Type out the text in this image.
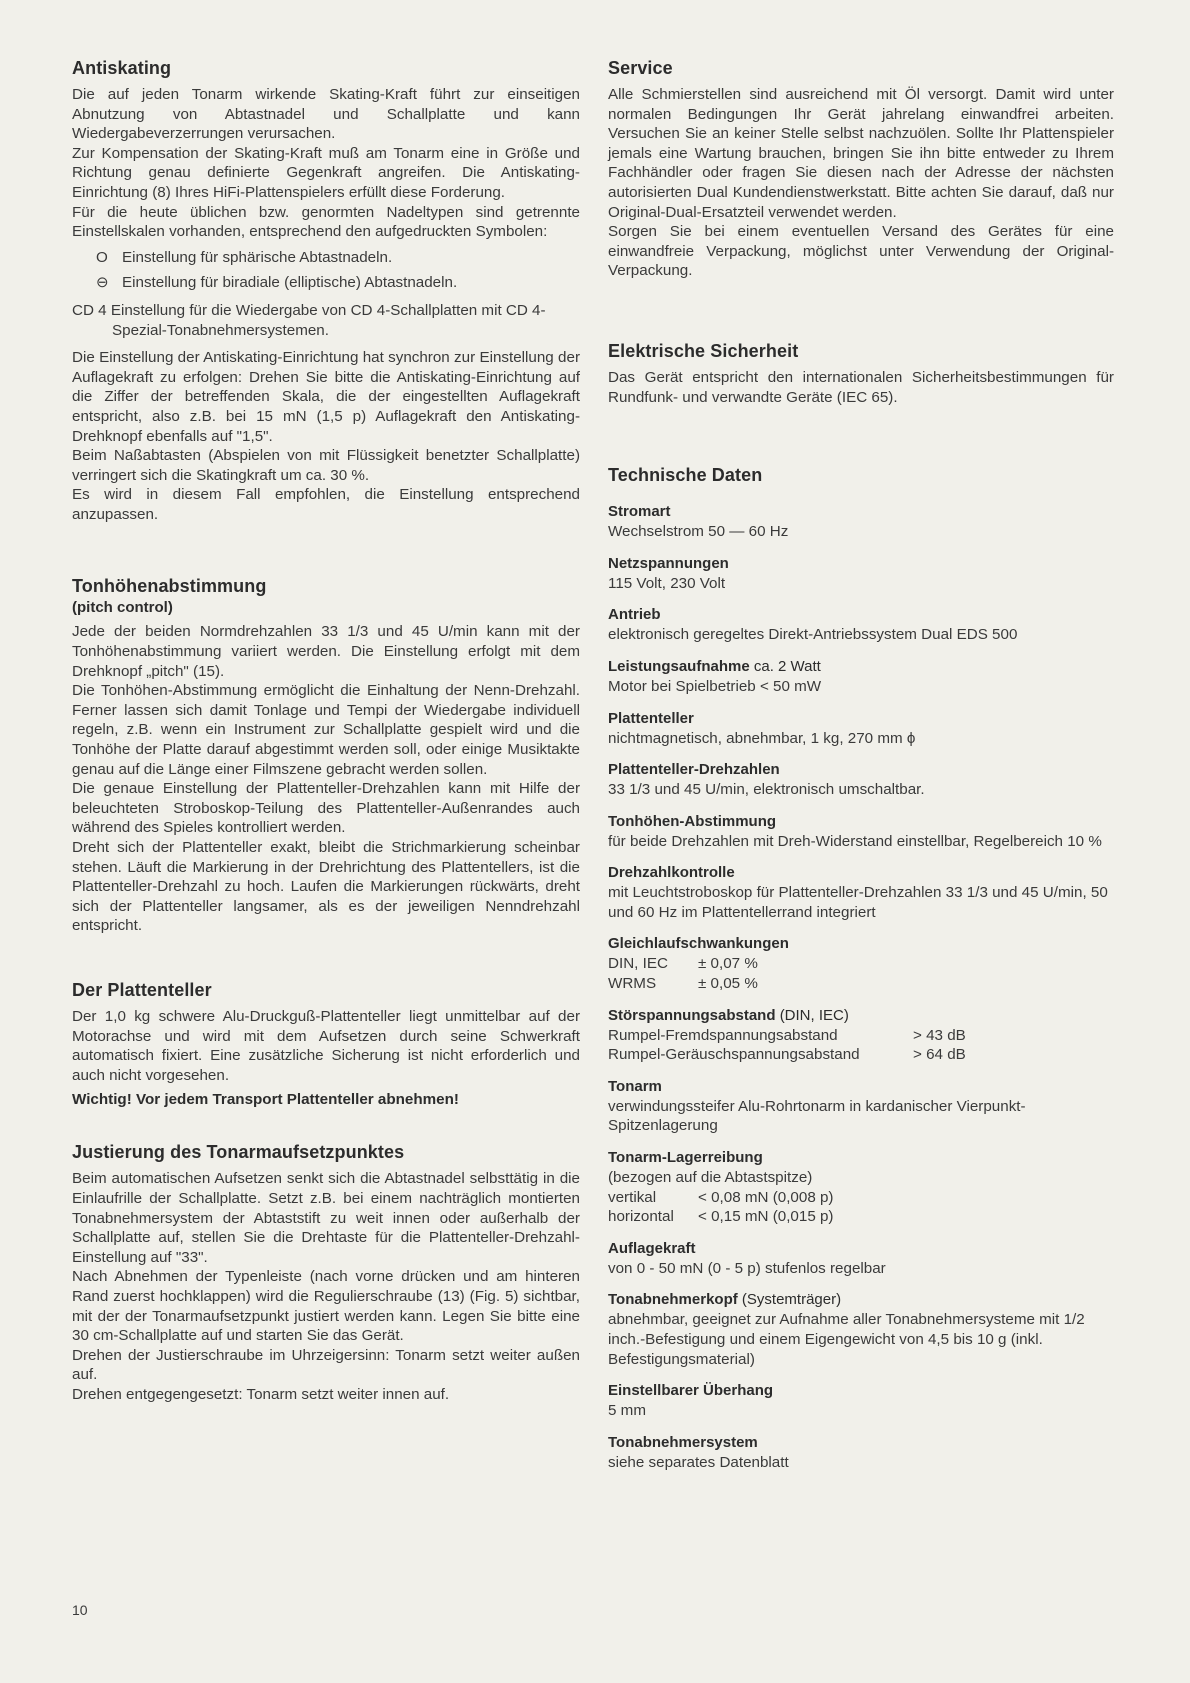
Antiskating

Die auf jeden Tonarm wirkende Skating-Kraft führt zur einseitigen Abnutzung von Abtastnadel und Schallplatte und kann Wiedergabeverzerrungen verursachen.

Zur Kompensation der Skating-Kraft muß am Tonarm eine in Größe und Richtung genau definierte Gegenkraft angreifen. Die Antiskating-Einrichtung (8) Ihres HiFi-Plattenspielers erfüllt diese Forderung.

Für die heute üblichen bzw. genormten Nadeltypen sind getrennte Einstellskalen vorhanden, entsprechend den aufgedruckten Symbolen:

O Einstellung für sphärische Abtastnadeln.
⊖ Einstellung für biradiale (elliptische) Abtastnadeln.
CD 4 Einstellung für die Wiedergabe von CD 4-Schallplatten mit CD 4-Spezial-Tonabnehmersystemen.

Die Einstellung der Antiskating-Einrichtung hat synchron zur Einstellung der Auflagekraft zu erfolgen: Drehen Sie bitte die Antiskating-Einrichtung auf die Ziffer der betreffenden Skala, die der eingestellten Auflagekraft entspricht, also z.B. bei 15 mN (1,5 p) Auflagekraft den Antiskating-Drehknopf ebenfalls auf "1,5".

Beim Naßabtasten (Abspielen von mit Flüssigkeit benetzter Schallplatte) verringert sich die Skatingkraft um ca. 30 %.

Es wird in diesem Fall empfohlen, die Einstellung entsprechend anzupassen.

Tonhöhenabstimmung
(pitch control)

Jede der beiden Normdrehzahlen 33 1/3 und 45 U/min kann mit der Tonhöhenabstimmung variiert werden. Die Einstellung erfolgt mit dem Drehknopf „pitch" (15).

Die Tonhöhen-Abstimmung ermöglicht die Einhaltung der Nenn-Drehzahl. Ferner lassen sich damit Tonlage und Tempi der Wiedergabe individuell regeln, z.B. wenn ein Instrument zur Schallplatte gespielt wird und die Tonhöhe der Platte darauf abgestimmt werden soll, oder einige Musiktakte genau auf die Länge einer Filmszene gebracht werden sollen.

Die genaue Einstellung der Plattenteller-Drehzahlen kann mit Hilfe der beleuchteten Stroboskop-Teilung des Plattenteller-Außenrandes auch während des Spieles kontrolliert werden.

Dreht sich der Plattenteller exakt, bleibt die Strichmarkierung scheinbar stehen. Läuft die Markierung in der Drehrichtung des Plattentellers, ist die Plattenteller-Drehzahl zu hoch. Laufen die Markierungen rückwärts, dreht sich der Plattenteller langsamer, als es der jeweiligen Nenndrehzahl entspricht.

Der Plattenteller

Der 1,0 kg schwere Alu-Druckguß-Plattenteller liegt unmittelbar auf der Motorachse und wird mit dem Aufsetzen durch seine Schwerkraft automatisch fixiert. Eine zusätzliche Sicherung ist nicht erforderlich und auch nicht vorgesehen.

Wichtig! Vor jedem Transport Plattenteller abnehmen!
Justierung des Tonarmaufsetzpunktes

Beim automatischen Aufsetzen senkt sich die Abtastnadel selbsttätig in die Einlaufrille der Schallplatte. Setzt z.B. bei einem nachträglich montierten Tonabnehmersystem der Abtaststift zu weit innen oder außerhalb der Schallplatte auf, stellen Sie die Drehtaste für die Plattenteller-Drehzahl-Einstellung auf "33".

Nach Abnehmen der Typenleiste (nach vorne drücken und am hinteren Rand zuerst hochklappen) wird die Regulierschraube (13) (Fig. 5) sichtbar, mit der der Tonarmaufsetzpunkt justiert werden kann. Legen Sie bitte eine 30 cm-Schallplatte auf und starten Sie das Gerät.

Drehen der Justierschraube im Uhrzeigersinn: Tonarm setzt weiter außen auf.

Drehen entgegengesetzt: Tonarm setzt weiter innen auf.

10
Service

Alle Schmierstellen sind ausreichend mit Öl versorgt. Damit wird unter normalen Bedingungen Ihr Gerät jahrelang einwandfrei arbeiten. Versuchen Sie an keiner Stelle selbst nachzuölen. Sollte Ihr Plattenspieler jemals eine Wartung brauchen, bringen Sie ihn bitte entweder zu Ihrem Fachhändler oder fragen Sie diesen nach der Adresse der nächsten autorisierten Dual Kundendienstwerkstatt. Bitte achten Sie darauf, daß nur Original-Dual-Ersatzteil verwendet werden.

Sorgen Sie bei einem eventuellen Versand des Gerätes für eine einwandfreie Verpackung, möglichst unter Verwendung der Original-Verpackung.

Elektrische Sicherheit

Das Gerät entspricht den internationalen Sicherheitsbestimmungen für Rundfunk- und verwandte Geräte (IEC 65).

Technische Daten
Stromart
Wechselstrom 50 — 60 Hz
Netzspannungen
115 Volt, 230 Volt
Antrieb
elektronisch geregeltes Direkt-Antriebssystem Dual EDS 500
Leistungsaufnahme ca. 2 Watt
Motor bei Spielbetrieb < 50 mW
Plattenteller
nichtmagnetisch, abnehmbar, 1 kg, 270 mm ϕ
Plattenteller-Drehzahlen
33 1/3 und 45 U/min, elektronisch umschaltbar.
Tonhöhen-Abstimmung
für beide Drehzahlen mit Dreh-Widerstand einstellbar, Regelbereich 10 %
Drehzahlkontrolle
mit Leuchtstroboskop für Plattenteller-Drehzahlen 33 1/3 und 45 U/min, 50 und 60 Hz im Plattentellerrand integriert
Gleichlaufschwankungen
DIN, IEC	± 0,07 %
WRMS	± 0,05 %
Störspannungsabstand (DIN, IEC)
Rumpel-Fremdspannungsabstand	> 43 dB
Rumpel-Geräuschspannungsabstand	> 64 dB
Tonarm
verwindungssteifer Alu-Rohrtonarm in kardanischer Vierpunkt-Spitzenlagerung
Tonarm-Lagerreibung
(bezogen auf die Abtastspitze)
vertikal	< 0,08 mN (0,008 p)
horizontal	< 0,15 mN (0,015 p)
Auflagekraft
von 0 - 50 mN (0 - 5 p) stufenlos regelbar
Tonabnehmerkopf (Systemträger)
abnehmbar, geeignet zur Aufnahme aller Tonabnehmersysteme mit 1/2 inch.-Befestigung und einem Eigengewicht von 4,5 bis 10 g (inkl. Befestigungsmaterial)
Einstellbarer Überhang
5 mm
Tonabnehmersystem
siehe separates Datenblatt
